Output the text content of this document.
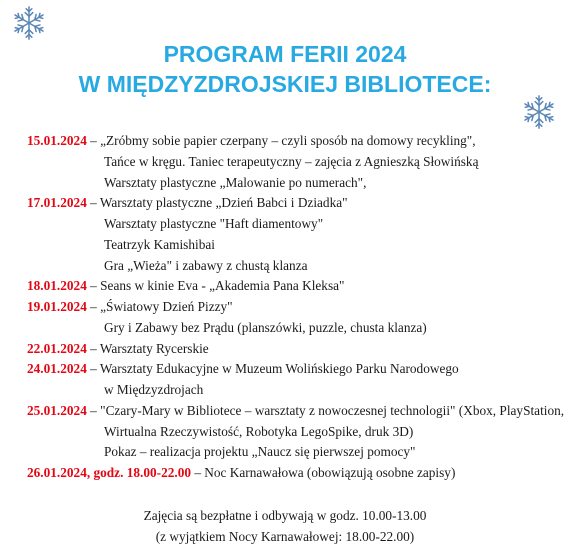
PROGRAM FERII 2024
W MIĘDZYZDROJSKIEJ BIBLIOTECE:
15.01.2024 – „Zróbmy sobie papier czerpany – czyli sposób na domowy recykling",
Tańce w kręgu. Taniec terapeutyczny – zajęcia z Agnieszką Słowińską
Warsztaty plastyczne „Malowanie po numerach",
17.01.2024 – Warsztaty plastyczne „Dzień Babci i Dziadka"
Warsztaty plastyczne "Haft diamentowy"
Teatrzyk Kamishibai
Gra „Wieża" i zabawy z chustą klanza
18.01.2024 – Seans w kinie Eva - „Akademia Pana Kleksa"
19.01.2024 – „Światowy Dzień Pizzy"
Gry i Zabawy bez Prądu (planszówki, puzzle, chusta klanza)
22.01.2024 – Warsztaty Rycerskie
24.01.2024 – Warsztaty Edukacyjne w Muzeum Wolińskiego Parku Narodowego
w Międzyzdrojach
25.01.2024 – "Czary-Mary w Bibliotece – warsztaty z nowoczesnej technologii" (Xbox, PlayStation,
Wirtualna Rzeczywistość, Robotyka LegoSpike, druk 3D)
Pokaz – realizacja projektu „Naucz się pierwszej pomocy"
26.01.2024, godz. 18.00-22.00 – Noc Karnawałowa (obowiązują osobne zapisy)
Zajęcia są bezpłatne i odbywają w godz. 10.00-13.00
(z wyjątkiem Nocy Karnawałowej: 18.00-22.00)
